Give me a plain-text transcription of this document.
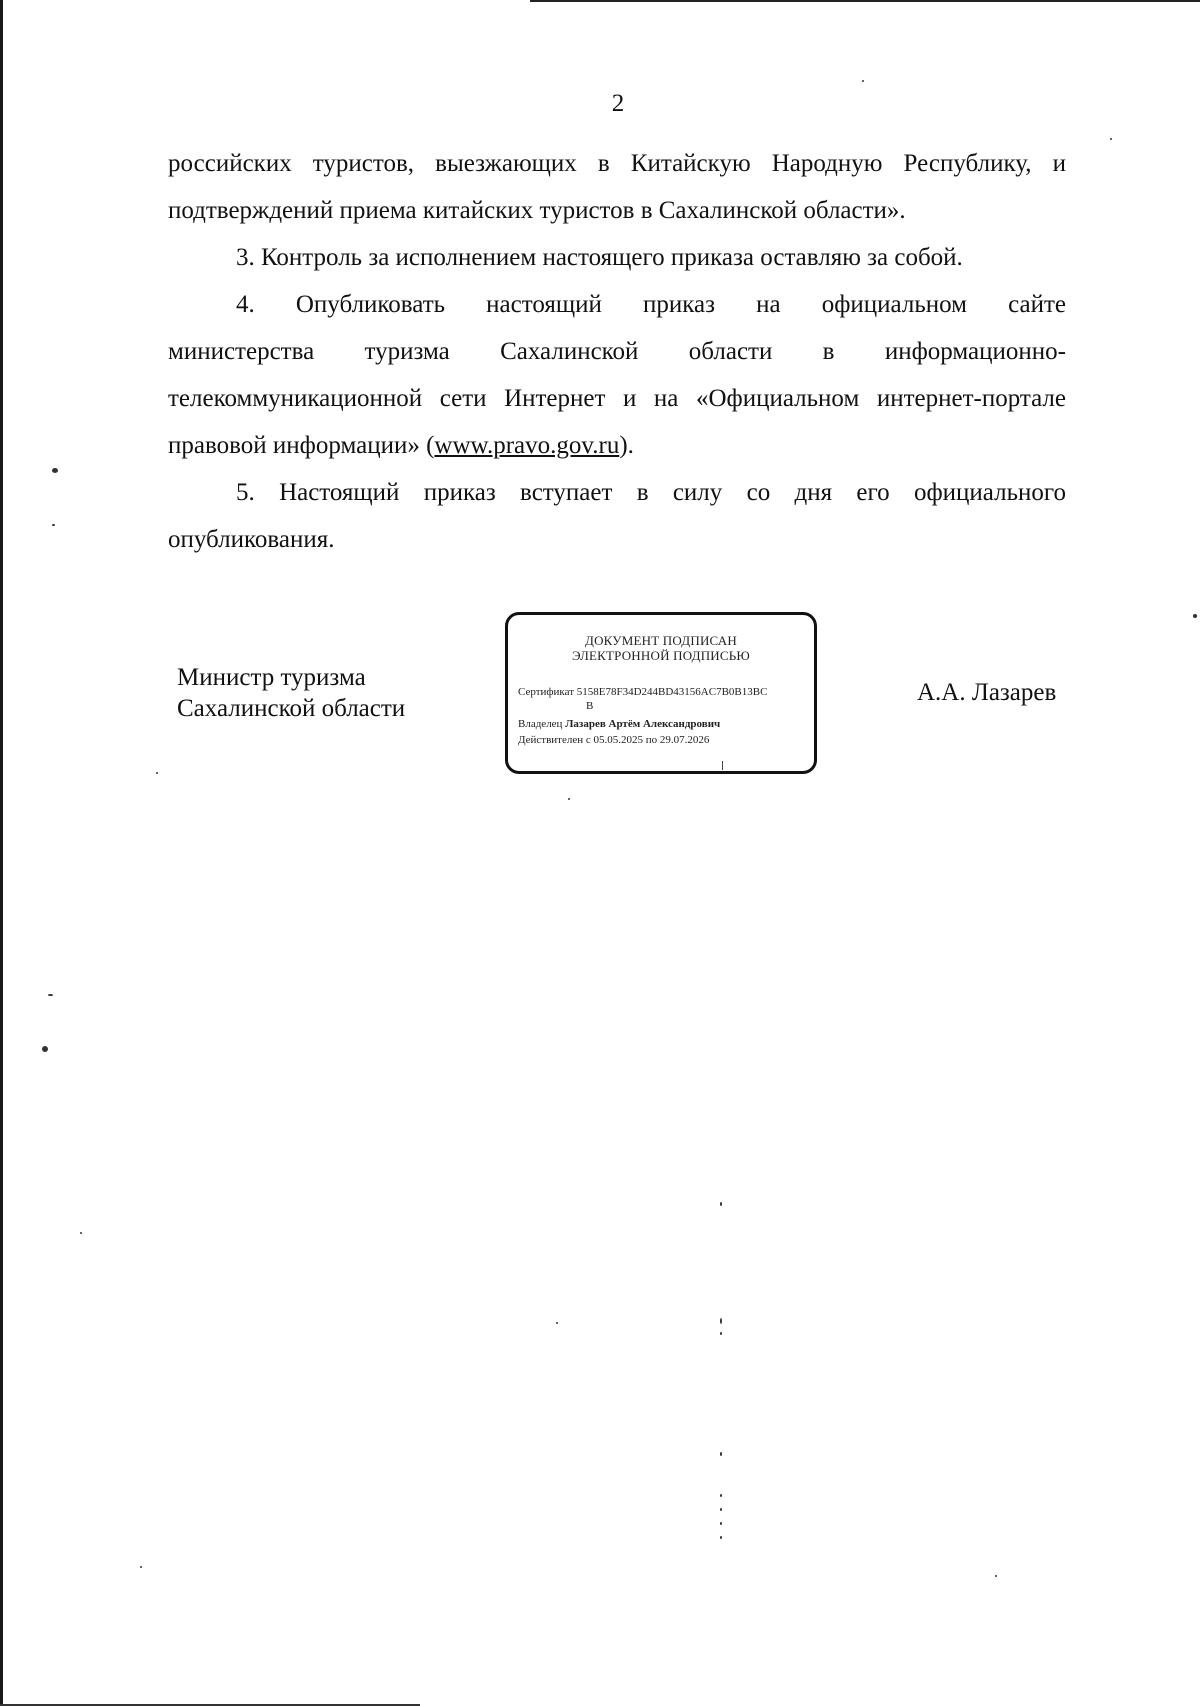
2

российских туристов, выезжающих в Китайскую Народную Республику, и

подтверждений приема китайских туристов в Сахалинской области».

3. Контроль за исполнением настоящего приказа оставляю за собой.

4. Опубликовать настоящий приказ на официальном сайте

министерства туризма Сахалинской области в информационно-

телекоммуникационной сети Интернет и на «Официальном интернет-портале

правовой информации» (www.pravo.gov.ru).

5. Настоящий приказ вступает в силу со дня его официального

опубликования.

Министр туризма
Сахалинской области
ДОКУМЕНТ ПОДПИСАН
ЭЛЕКТРОННОЙ ПОДПИСЬЮ
Сертификат 5158E78F34D244BD43156AC7B0B13BC
B
Владелец Лазарев Артём Александрович
Действителен с 05.05.2025 по 29.07.2026
А.А. Лазарев
